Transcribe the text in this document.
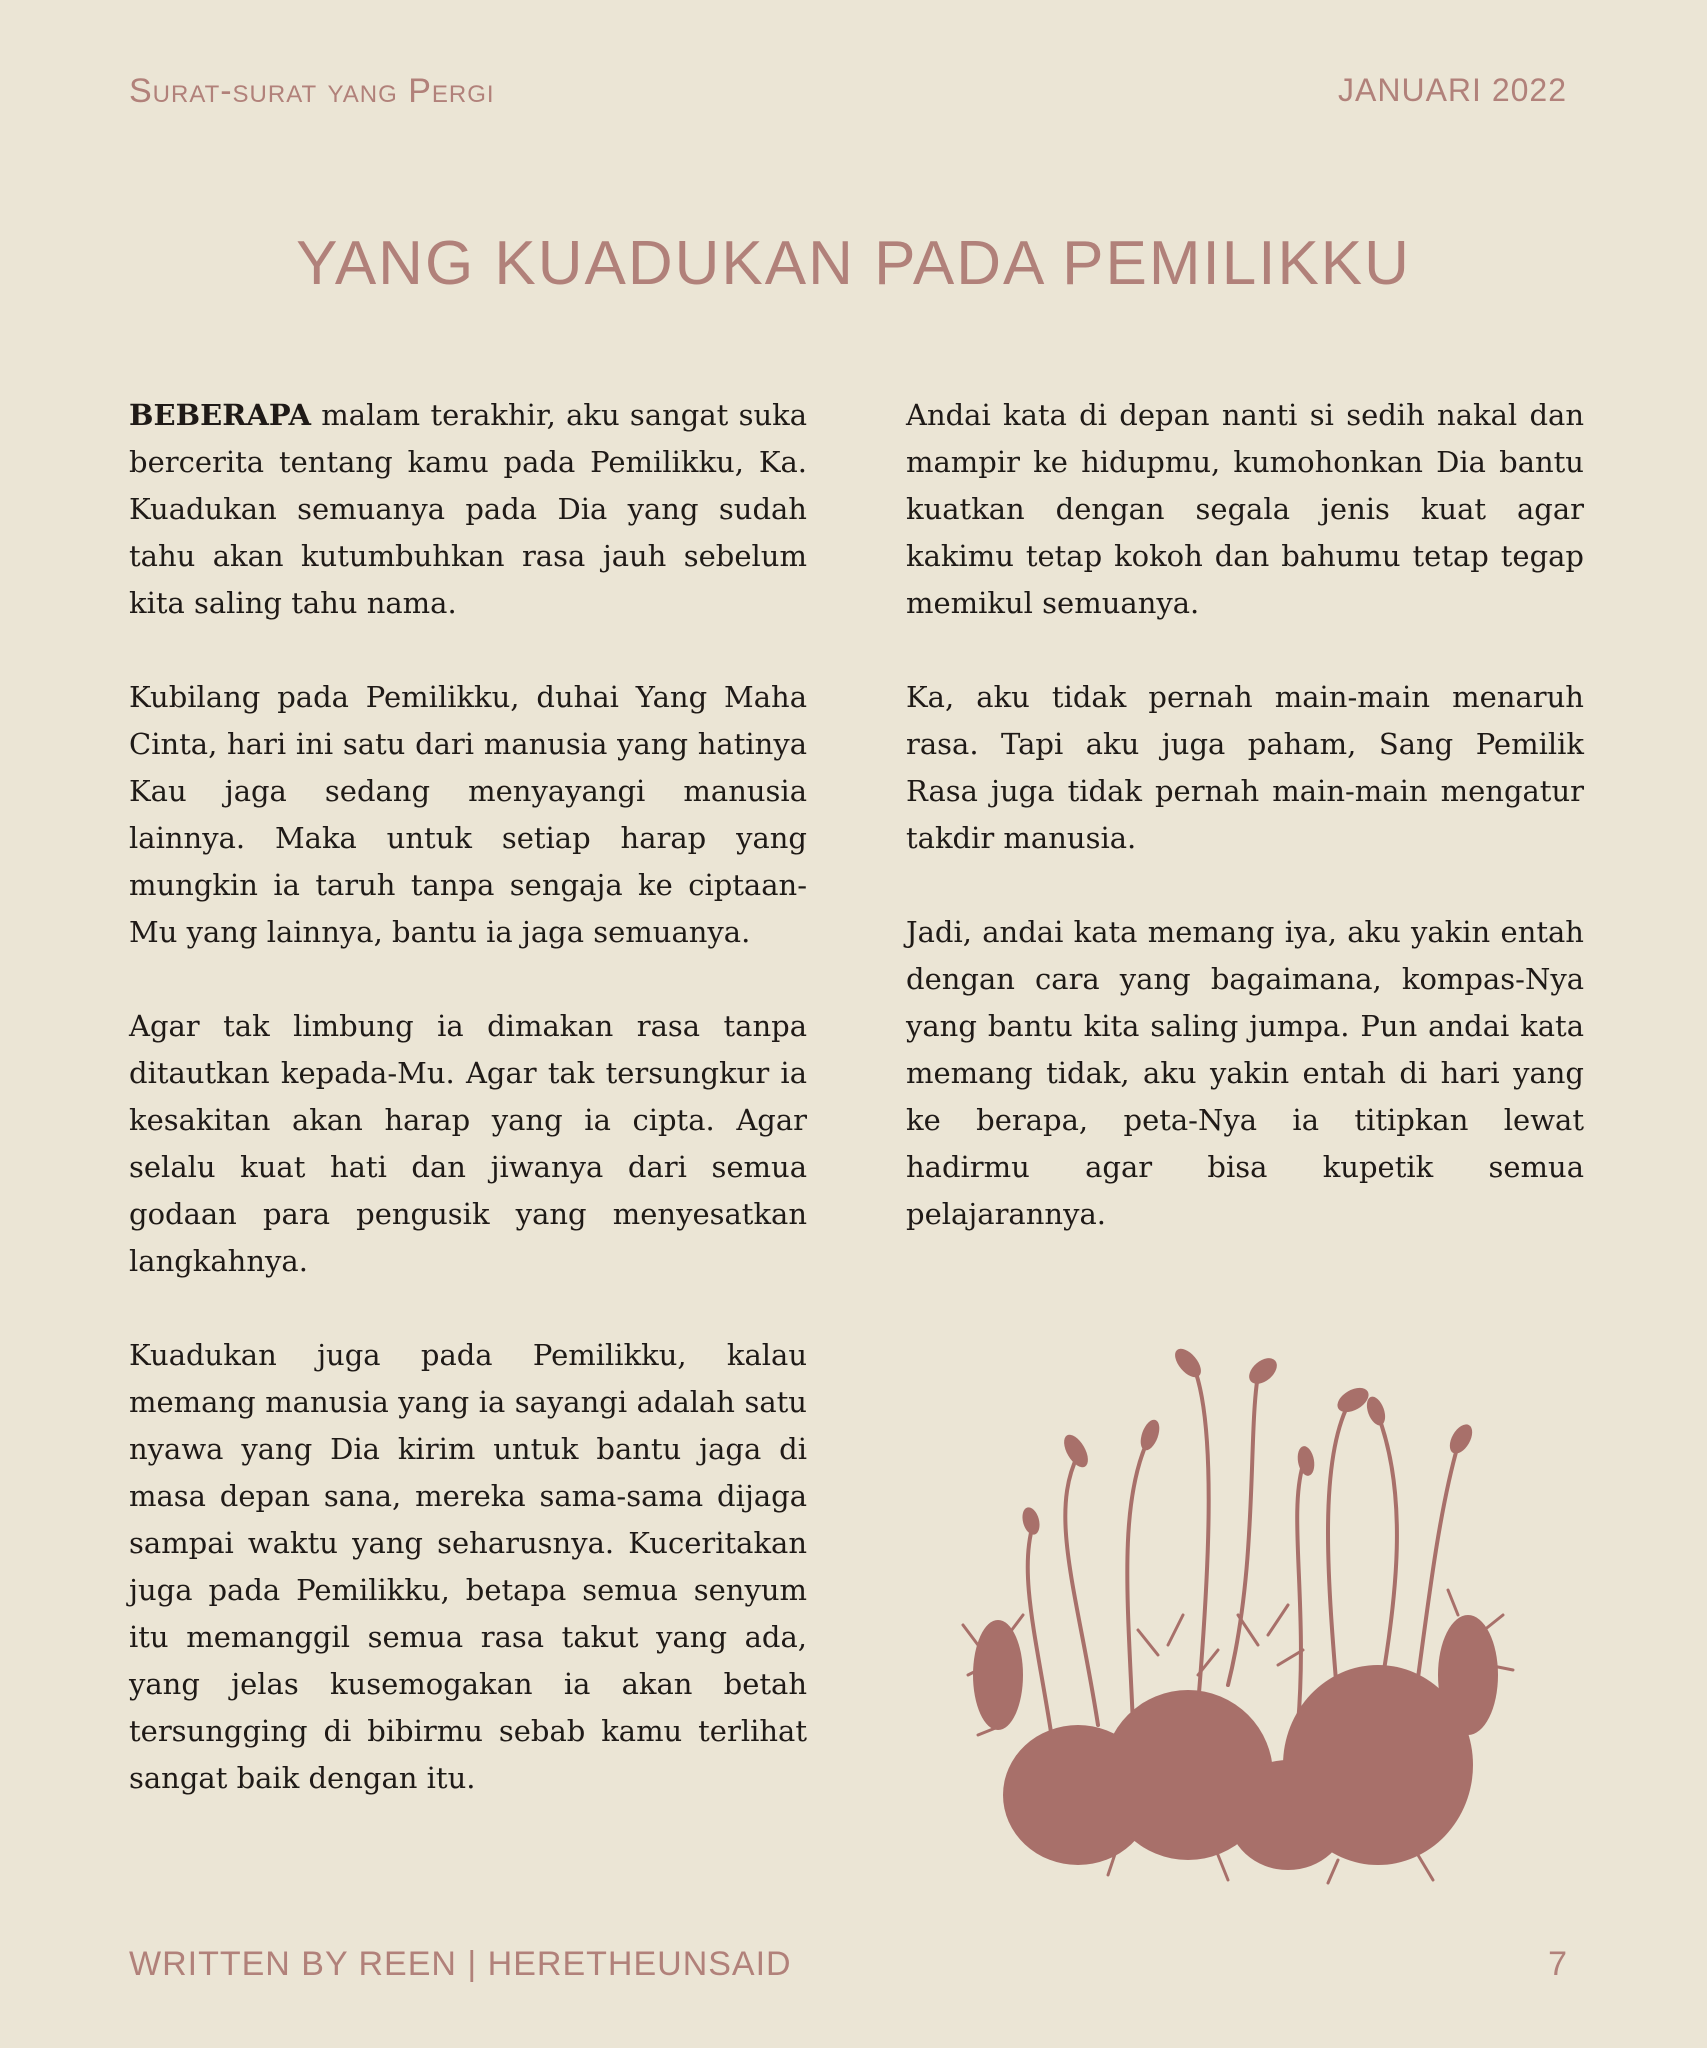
Surat-surat yang Pergi	JANUARI 2022
YANG KUADUKAN PADA PEMILIKKU

BEBERAPA malam terakhir, aku sangat suka bercerita tentang kamu pada Pemilikku, Ka. Kuadukan semuanya pada Dia yang sudah tahu akan kutumbuhkan rasa jauh sebelum kita saling tahu nama.

Kubilang pada Pemilikku, duhai Yang Maha Cinta, hari ini satu dari manusia yang hatinya Kau jaga sedang menyayangi manusia lainnya. Maka untuk setiap harap yang mungkin ia taruh tanpa sengaja ke ciptaan-Mu yang lainnya, bantu ia jaga semuanya.

Agar tak limbung ia dimakan rasa tanpa ditautkan kepada-Mu. Agar tak tersungkur ia kesakitan akan harap yang ia cipta. Agar selalu kuat hati dan jiwanya dari semua godaan para pengusik yang menyesatkan langkahnya.

Kuadukan juga pada Pemilikku, kalau memang manusia yang ia sayangi adalah satu nyawa yang Dia kirim untuk bantu jaga di masa depan sana, mereka sama-sama dijaga sampai waktu yang seharusnya. Kuceritakan juga pada Pemilikku, betapa semua senyum itu memanggil semua rasa takut yang ada, yang jelas kusemogakan ia akan betah tersungging di bibirmu sebab kamu terlihat sangat baik dengan itu.

Andai kata di depan nanti si sedih nakal dan mampir ke hidupmu, kumohonkan Dia bantu kuatkan dengan segala jenis kuat agar kakimu tetap kokoh dan bahumu tetap tegap memikul semuanya.

Ka, aku tidak pernah main-main menaruh rasa. Tapi aku juga paham, Sang Pemilik Rasa juga tidak pernah main-main mengatur takdir manusia.

Jadi, andai kata memang iya, aku yakin entah dengan cara yang bagaimana, kompas-Nya yang bantu kita saling jumpa. Pun andai kata memang tidak, aku yakin entah di hari yang ke berapa, peta-Nya ia titipkan lewat hadirmu agar bisa kupetik semua pelajarannya.

WRITTEN BY REEN | HERETHEUNSAID	7
